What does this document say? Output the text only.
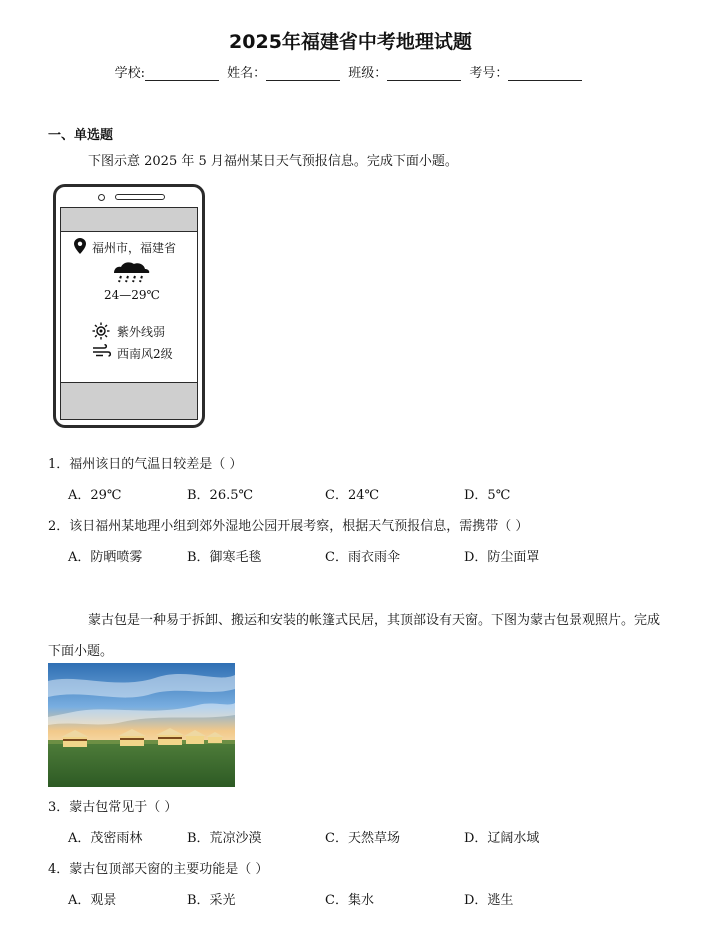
2025年福建省中考地理试题
学校:	姓名：	班级：	考号：
一、单选题
下图示意 2025 年 5 月福州某日天气预报信息。完成下面小题。
福州市，福建省
24—29℃
紫外线弱
西南风2级
1．福州该日的气温日较差是（ ）
A．29℃	B．26.5℃	C．24℃	D．5℃
2．该日福州某地理小组到郊外湿地公园开展考察，根据天气预报信息，需携带（ ）
A．防晒喷雾	B．御寒毛毯	C．雨衣雨伞	D．防尘面罩
蒙古包是一种易于拆卸、搬运和安装的帐篷式民居，其顶部设有天窗。下图为蒙古包景观照片。完成
下面小题。
3．蒙古包常见于（ ）
A．茂密雨林	B．荒凉沙漠	C．天然草场	D．辽阔水域
4．蒙古包顶部天窗的主要功能是（ ）
A．观景	B．采光	C．集水	D．逃生
